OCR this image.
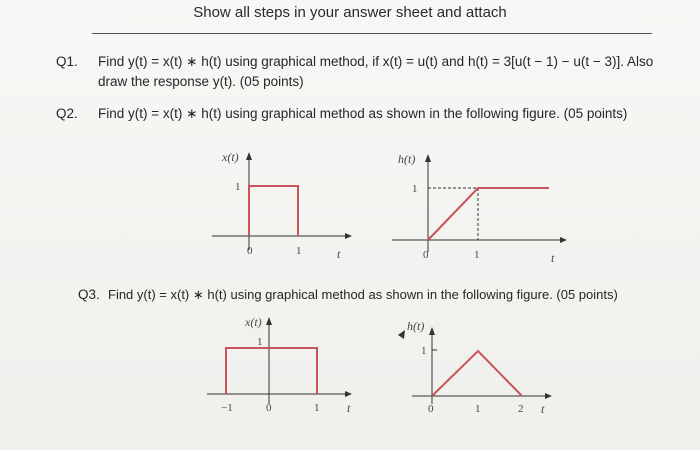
Show all steps in your answer sheet and attach
Q1. Find y(t) = x(t) ∗ h(t) using graphical method, if x(t) = u(t) and h(t) = 3[u(t − 1) − u(t − 3)]. Also
draw the response y(t). (05 points)
Q2. Find y(t) = x(t) ∗ h(t) using graphical method as shown in the following figure. (05 points)
x(t)
1
0	1	t
h(t)
1
0	1	t
Q3. Find y(t) = x(t) ∗ h(t) using graphical method as shown in the following figure. (05 points)
x(t)
1
−1	0	1 t
h(t)
1
0	1	2 t
